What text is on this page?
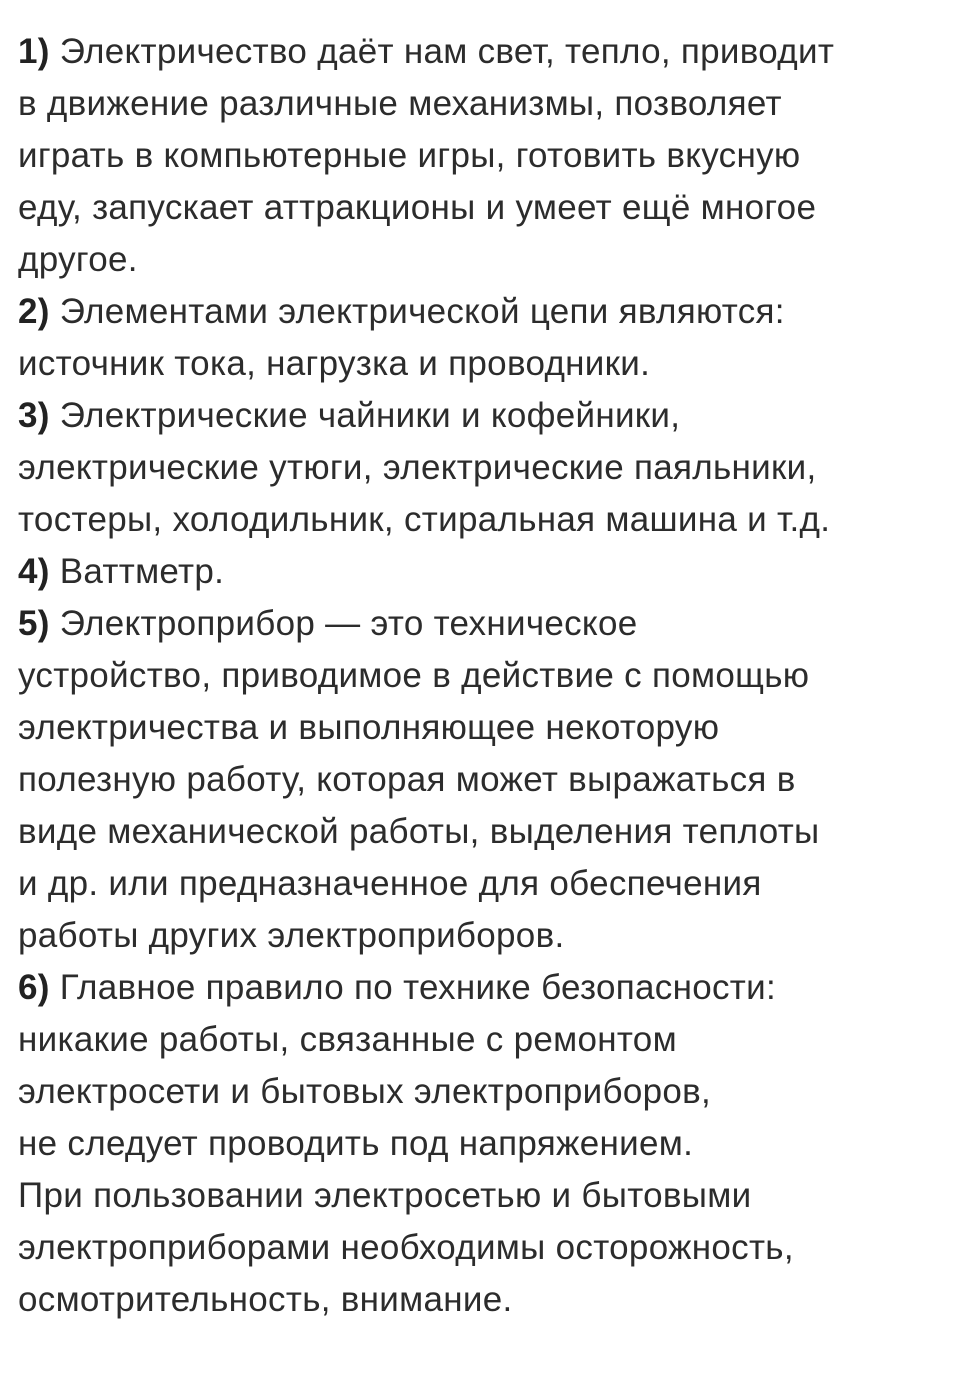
1) Электричество даёт нам свет, тепло, приводит
в движение различные механизмы, позволяет
играть в компьютерные игры, готовить вкусную
еду, запускает аттракционы и умеет ещё многое
другое.
2) Элементами электрической цепи являются:
источник тока, нагрузка и проводники.
3) Электрические чайники и кофейники,
электрические утюги, электрические паяльники,
тостеры, холодильник, стиральная машина и т.д.
4) Ваттметр.
5) Электроприбор — это техническое
устройство, приводимое в действие с помощью
электричества и выполняющее некоторую
полезную работу, которая может выражаться в
виде механической работы, выделения теплоты
и др. или предназначенное для обеспечения
работы других электроприборов.
6) Главное правило по технике безопасности:
никакие работы, связанные с ремонтом
электросети и бытовых электроприборов,
не следует проводить под напряжением.
При пользовании электросетью и бытовыми
электроприборами необходимы осторожность,
осмотрительность, внимание.
